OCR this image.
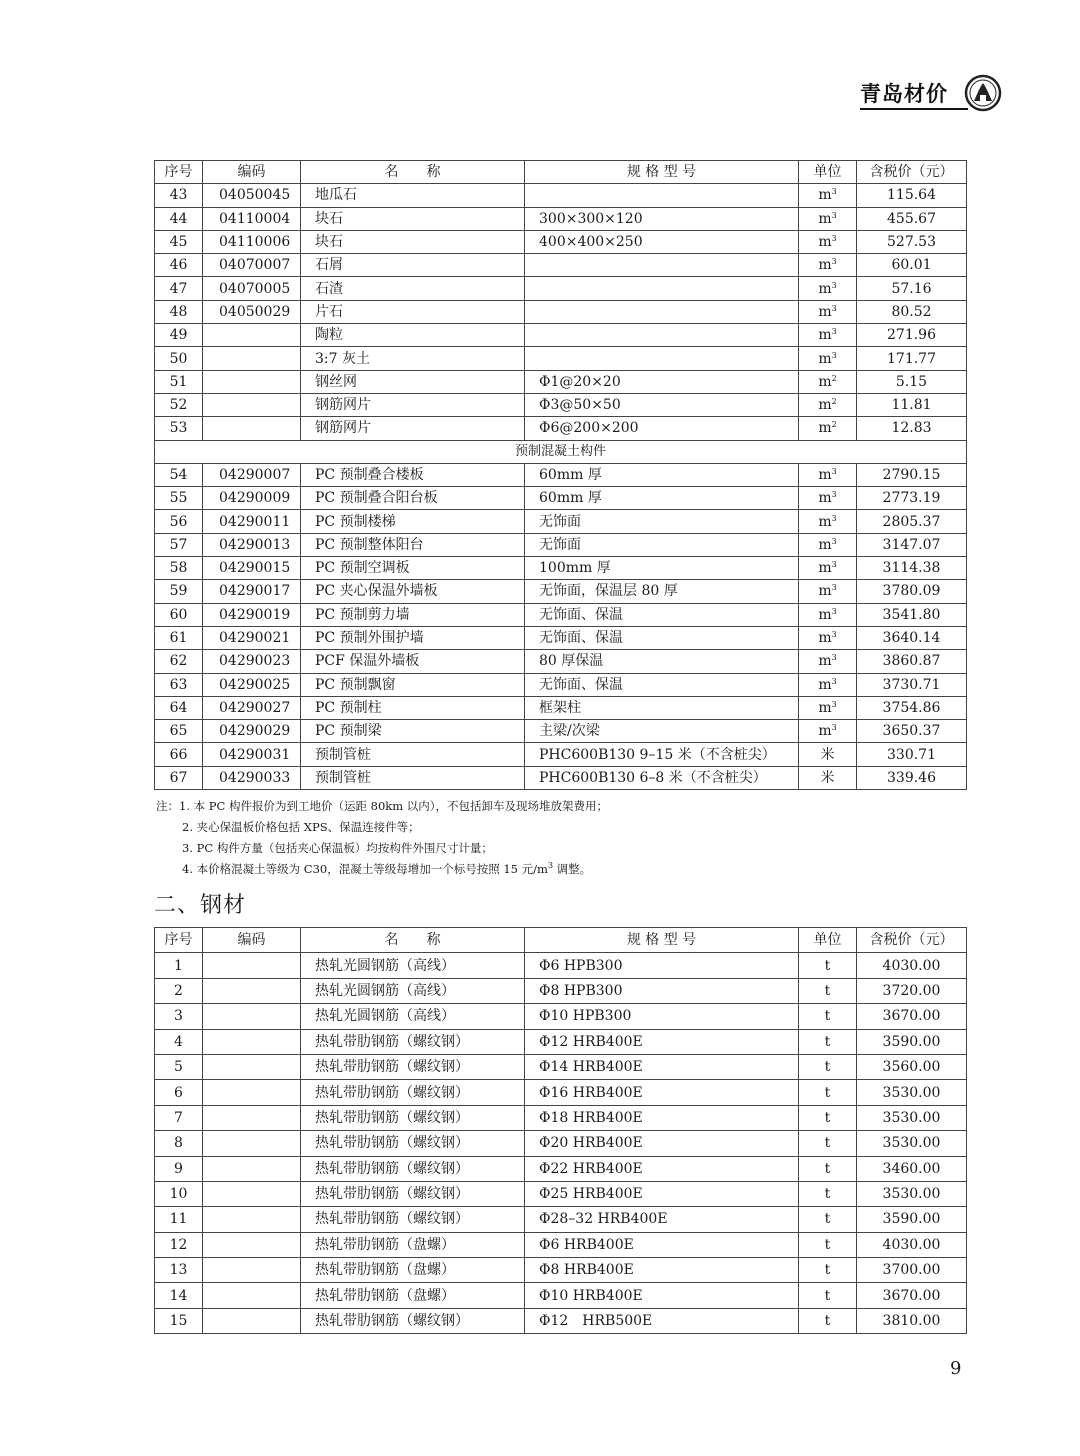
青岛材价
序号	编码	名　　称	规 格 型 号	单位	含税价（元）
43	04050045	地瓜石		$m^3$	115.64
44	04110004	块石	300×300×120	$m^3$	455.67
45	04110006	块石	400×400×250	$m^3$	527.53
46	04070007	石屑		$m^3$	60.01
47	04070005	石渣		$m^3$	57.16
48	04050029	片石		$m^3$	80.52
49		陶粒		$m^3$	271.96
50		3:7 灰土		$m^3$	171.77
51		钢丝网	Φ1@20×20	$m^2$	5.15
52		钢筋网片	Φ3@50×50	$m^2$	11.81
53		钢筋网片	Φ6@200×200	$m^2$	12.83
预制混凝土构件					
54	04290007	PC 预制叠合楼板	60mm 厚	$m^3$	2790.15
55	04290009	PC 预制叠合阳台板	60mm 厚	$m^3$	2773.19
56	04290011	PC 预制楼梯	无饰面	$m^3$	2805.37
57	04290013	PC 预制整体阳台	无饰面	$m^3$	3147.07
58	04290015	PC 预制空调板	100mm 厚	$m^3$	3114.38
59	04290017	PC 夹心保温外墙板	无饰面，保温层 80 厚	$m^3$	3780.09
60	04290019	PC 预制剪力墙	无饰面、保温	$m^3$	3541.80
61	04290021	PC 预制外围护墙	无饰面、保温	$m^3$	3640.14
62	04290023	PCF 保温外墙板	80 厚保温	$m^3$	3860.87
63	04290025	PC 预制飘窗	无饰面、保温	$m^3$	3730.71
64	04290027	PC 预制柱	框架柱	$m^3$	3754.86
65	04290029	PC 预制梁	主梁/次梁	$m^3$	3650.37
66	04290031	预制管桩	PHC600B130 9–15 米（不含桩尖）	米	330.71
67	04290033	预制管桩	PHC600B130 6–8 米（不含桩尖）	米	339.46
注：1. 本 PC 构件报价为到工地价（运距 80km 以内），不包括卸车及现场堆放架费用；
2. 夹心保温板价格包括 XPS、保温连接件等；
3. PC 构件方量（包括夹心保温板）均按构件外围尺寸计量；
4. 本价格混凝土等级为 C30，混凝土等级每增加一个标号按照 15 元$/m^3$ 调整。
二、钢材
序号	编码	名　　称	规 格 型 号	单位	含税价（元）
1		热轧光圆钢筋（高线）	Φ6 HPB300	t	4030.00
2		热轧光圆钢筋（高线）	Φ8 HPB300	t	3720.00
3		热轧光圆钢筋（高线）	Φ10 HPB300	t	3670.00
4		热轧带肋钢筋（螺纹钢）	Φ12 HRB400E	t	3590.00
5		热轧带肋钢筋（螺纹钢）	Φ14 HRB400E	t	3560.00
6		热轧带肋钢筋（螺纹钢）	Φ16 HRB400E	t	3530.00
7		热轧带肋钢筋（螺纹钢）	Φ18 HRB400E	t	3530.00
8		热轧带肋钢筋（螺纹钢）	Φ20 HRB400E	t	3530.00
9		热轧带肋钢筋（螺纹钢）	Φ22 HRB400E	t	3460.00
10		热轧带肋钢筋（螺纹钢）	Φ25 HRB400E	t	3530.00
11		热轧带肋钢筋（螺纹钢）	Φ28–32 HRB400E	t	3590.00
12		热轧带肋钢筋（盘螺）	Φ6 HRB400E	t	4030.00
13		热轧带肋钢筋（盘螺）	Φ8 HRB400E	t	3700.00
14		热轧带肋钢筋（盘螺）	Φ10 HRB400E	t	3670.00
15		热轧带肋钢筋（螺纹钢）	Φ12　HRB500E	t	3810.00
9
